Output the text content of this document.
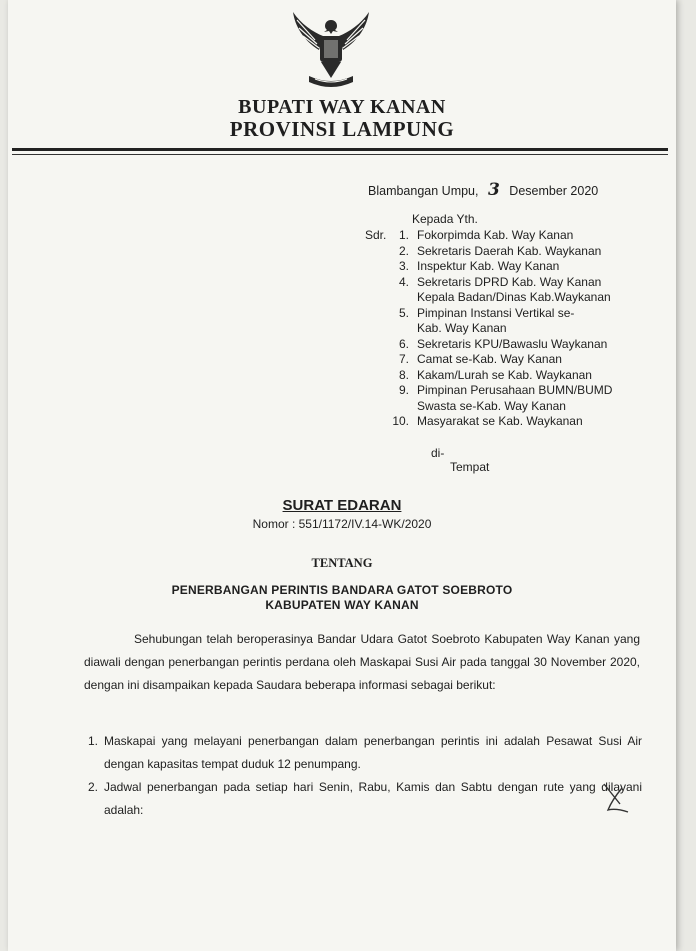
BUPATI WAY KANAN
PROVINSI LAMPUNG
Blambangan Umpu, 3 Desember 2020
Kepada Yth.
Sdr.	1. Fokorpimda Kab. Way Kanan
2. Sekretaris Daerah Kab. Waykanan
3. Inspektur Kab. Way Kanan
4. Sekretaris DPRD Kab. Way Kanan
Kepala Badan/Dinas Kab.Waykanan
5. Pimpinan Instansi Vertikal se-
Kab. Way Kanan
6. Sekretaris KPU/Bawaslu Waykanan
7. Camat se-Kab. Way Kanan
8. Kakam/Lurah se Kab. Waykanan
9. Pimpinan Perusahaan BUMN/BUMD
Swasta se-Kab. Way Kanan
10. Masyarakat se Kab. Waykanan
di-
Tempat
SURAT EDARAN
Nomor : 551/1172/IV.14-WK/2020
TENTANG
PENERBANGAN PERINTIS BANDARA GATOT SOEBROTO
KABUPATEN WAY KANAN
Sehubungan telah beroperasinya Bandar Udara Gatot Soebroto Kabupaten Way Kanan yang diawali dengan penerbangan perintis perdana oleh Maskapai Susi Air pada tanggal 30 November 2020, dengan ini disampaikan kepada Saudara beberapa informasi sebagai berikut:
1. Maskapai yang melayani penerbangan dalam penerbangan perintis ini adalah Pesawat Susi Air dengan kapasitas tempat duduk 12 penumpang.
2. Jadwal penerbangan pada setiap hari Senin, Rabu, Kamis dan Sabtu dengan rute yang dilayani adalah:
